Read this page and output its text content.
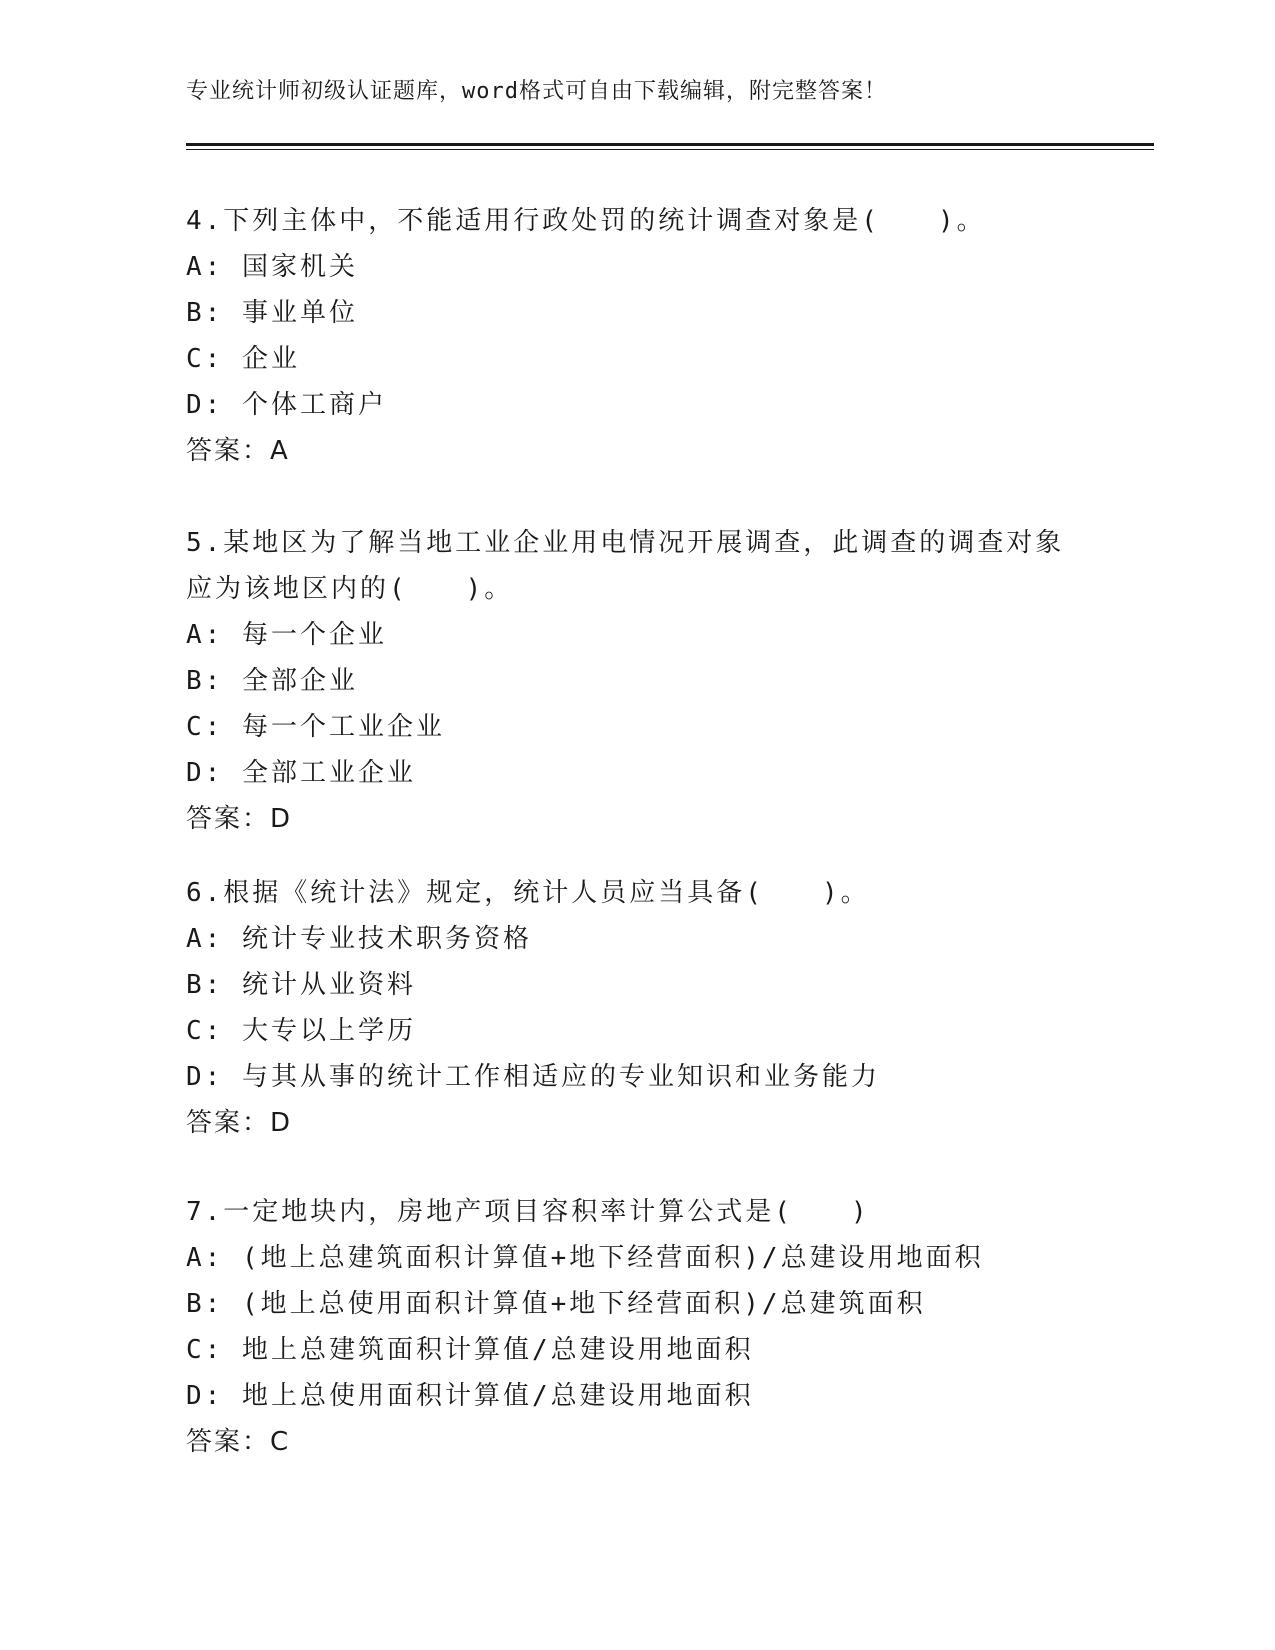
专业统计师初级认证题库，word格式可自由下载编辑，附完整答案！
4.下列主体中，不能适用行政处罚的统计调查对象是(　　)。
A: 国家机关
B: 事业单位
C: 企业
D: 个体工商户
答案：A
5.某地区为了解当地工业企业用电情况开展调查，此调查的调查对象
应为该地区内的(　　)。
A: 每一个企业
B: 全部企业
C: 每一个工业企业
D: 全部工业企业
答案：D
6.根据《统计法》规定，统计人员应当具备(　　)。
A: 统计专业技术职务资格
B: 统计从业资料
C: 大专以上学历
D: 与其从事的统计工作相适应的专业知识和业务能力
答案：D
7.一定地块内，房地产项目容积率计算公式是(　　)
A: (地上总建筑面积计算值+地下经营面积)/总建设用地面积
B: (地上总使用面积计算值+地下经营面积)/总建筑面积
C: 地上总建筑面积计算值/总建设用地面积
D: 地上总使用面积计算值/总建设用地面积
答案：C
